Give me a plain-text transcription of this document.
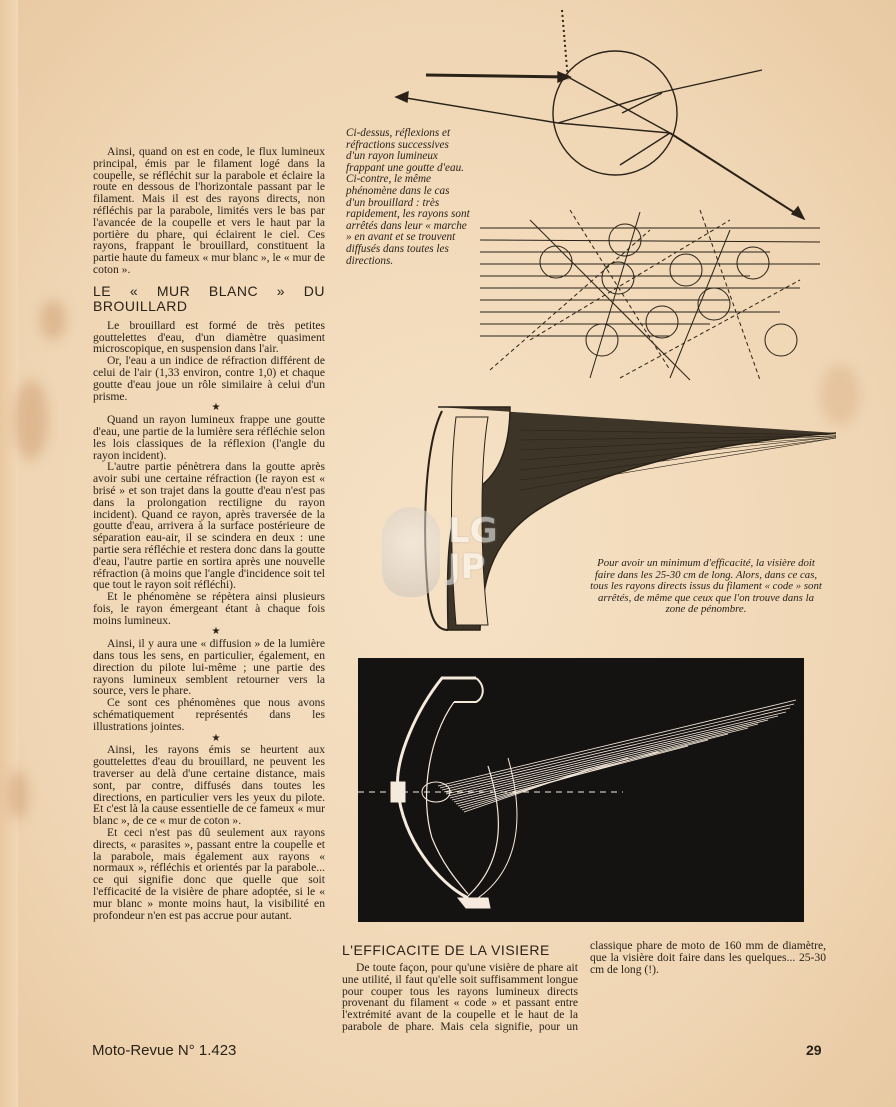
Ainsi, quand on est en code, le flux lumineux principal, émis par le filament logé dans la coupelle, se réfléchit sur la parabole et éclaire la route en dessous de l'horizontale passant par le filament. Mais il est des rayons directs, non réfléchis par la parabole, limités vers le bas par l'avancée de la coupelle et vers le haut par la portière du phare, qui éclairent le ciel. Ces rayons, frappant le brouillard, constituent la partie haute du fameux « mur blanc », le « mur de coton ».

LE « MUR BLANC » DU BROUILLARD

Le brouillard est formé de très petites gouttelettes d'eau, d'un diamètre quasiment microscopique, en suspension dans l'air.

Or, l'eau a un indice de réfraction différent de celui de l'air (1,33 environ, contre 1,0) et chaque goutte d'eau joue un rôle similaire à celui d'un prisme.

★

Quand un rayon lumineux frappe une goutte d'eau, une partie de la lumière sera réfléchie selon les lois classiques de la réflexion (l'angle du rayon incident).

L'autre partie pénètrera dans la goutte après avoir subi une certaine réfraction (le rayon est « brisé » et son trajet dans la goutte d'eau n'est pas dans la prolongation rectiligne du rayon incident). Quand ce rayon, après traversée de la goutte d'eau, arrivera à la surface postérieure de séparation eau-air, il se scindera en deux : une partie sera réfléchie et restera donc dans la goutte d'eau, l'autre partie en sortira après une nouvelle réfraction (à moins que l'angle d'incidence soit tel que tout le rayon soit réfléchi).

Et le phénomène se répètera ainsi plusieurs fois, le rayon émergeant étant à chaque fois moins lumineux.

★

Ainsi, il y aura une « diffusion » de la lumière dans tous les sens, en particulier, également, en direction du pilote lui-même ; une partie des rayons lumineux semblent retourner vers la source, vers le phare.

Ce sont ces phénomènes que nous avons schématiquement représentés dans les illustrations jointes.

★

Ainsi, les rayons émis se heurtent aux gouttelettes d'eau du brouillard, ne peuvent les traverser au delà d'une certaine distance, mais sont, par contre, diffusés dans toutes les directions, en particulier vers les yeux du pilote. Et c'est là la cause essentielle de ce fameux « mur blanc », de ce « mur de coton ».

Et ceci n'est pas dû seulement aux rayons directs, « parasites », passant entre la coupelle et la parabole, mais également aux rayons « normaux », réfléchis et orientés par la parabole... ce qui signifie donc que quelle que soit l'efficacité de la visière de phare adoptée, si le « mur blanc » monte moins haut, la visibilité en profondeur n'en est pas accrue pour autant.

Ci-dessus, réflexions et réfractions successives d'un rayon lumineux frappant une goutte d'eau. Ci-contre, le même phénomène dans le cas d'un brouillard : très rapidement, les rayons sont arrêtés dans leur « marche » en avant et se trouvent diffusés dans toutes les directions.
Pour avoir un minimum d'efficacité, la visière doit faire dans les 25-30 cm de long. Alors, dans ce cas, tous les rayons directs issus du filament « code » sont arrêtés, de même que ceux que l'on trouve dans la zone de pénombre.
LG JP
L'EFFICACITE DE LA VISIERE

De toute façon, pour qu'une visière de phare ait une utilité, il faut qu'elle soit suffisamment longue pour couper tous les rayons lumineux directs provenant du filament « code » et passant entre l'extrémité avant de la coupelle et le haut de la parabole de phare. Mais cela signifie, pour un classique phare de moto de 160 mm de diamètre, que la visière doit faire dans les quelques... 25-30 cm de long (!).

Moto-Revue N° 1.423	29
